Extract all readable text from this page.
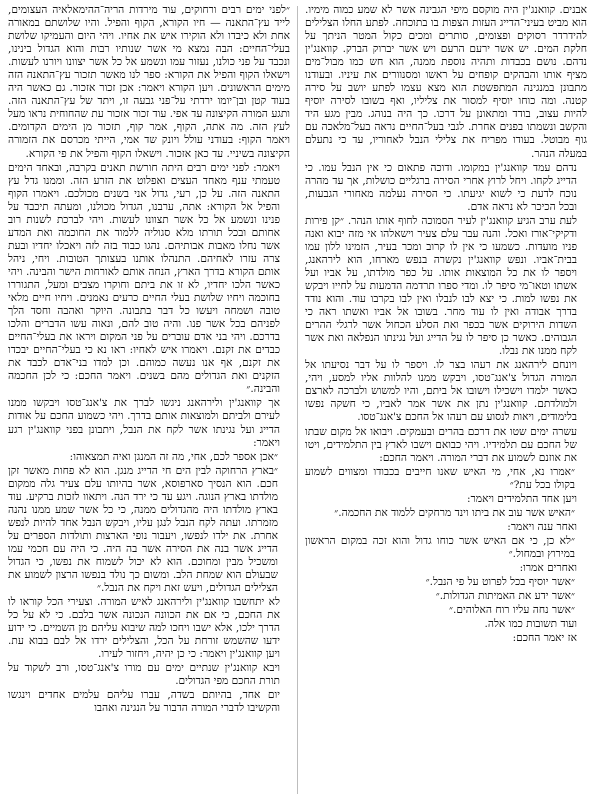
אבנים. קוואנג'ין היה מוקסם מיפי הגבינה אשר לא שמע כמוה מימיו. הוא מביט בעיני־הדייג העזות הצפות בו בתוכחה. לפתע החלו הצלילים להידרדר רסוקים ופצומים, סותרים ומכים כקול המטר הניתך על חלקת המים. יש אשר ירעם הרעם ויש אשר יברוק הברק. קוואנג'ין נדהם. נושם בכבדות ותהיה נוספת ממנה, הוא חש כמו מבול־מים מציף אותו והבהקים קופחים על ראשו ומסנוורים את עיניו. ובעודנו מתבונן במנגינה המתפשטת הוא מצא עצמו לפתע יושב על סירה קטנה. ומה כוחו יוסיף למסור את צליליו, ואף בשובו לסירה יוסיף להיות עצוב, בודד ומתאונן על דרכו. כך היה בנוהג. מבין מגע היד והקשב ונשמתו בפנים אחרת. לגבי בעל־החיים נראה בעל־מלאכה עם גוף מבוטל. בעודו מפריח את צלילי הנבל לאחוריו, עד כי נתעלם במעלה הנהר.

נדהם עמד קוואנג'ין במקומו. ודוכה פתאום כי אין הנבל עמו. כי הדייג לקחו. ויחל לרוץ אחרי הסירה ברגליים כושלות, אך עד מהרה נוכח לדעת כי לשוא יגיעתו. כי הסירה נעלמה מאחורי הגבעות, ובכל הכיכר לא נראה אדם.

לעת ערב הגיע קוואנג'ין לעיר הסמוכה לחוף אותו הנהר. ״קן פירות ודקיקי־אורז ואכל. והנה עבר עלם צעיר וישאלהו אי מזה יבוא ואנה פניו מועדות. כשמעו כי אין לו קרוב ומכר בעיר, הזמינו ללון עמו בבית־אביו. ונפש קוואנג'ין נקשרה בנפש מארחו, הוא לירהאנג, ויספר לו את כל המוצאות אותו. על כפר מולדתו, על אביו ועל אשתו וטאו־מי סיפר לו. ומדי ספרו תרדמה הדמעות על לחייו ויבקש את נפשו למות. כי יצא לבו לנבלו ואין לבו בקרבו עוד. והוא נודד בדרך אבודה ואין לו עוד מחר. בשובו אל אביו ואשתו ראה כי השדות הירוקים אשר בכפר ואת הסלע הכחול אשר לרגלי ההרים הגבוהים. כאשר כן סיפר לו על הדייג ועל נגינתו הנפלאה ואת אשר לקח ממנו את נבלו.

ויונחם לירהאנג את רעהו בצר לו. ויספר לו על דבר נסיעתו אל המורה הגדול צ'אנג־טסו, ויבקש ממנו להלוות אליו למסע, ויהי, כאשר ילמדו וישכילו וישובו אל ביתם, והיו למשוש ולברכה לארצם ולמולדתם. קוואנג'ין נתן את אשר אמר לאביו, כי חשקה נפשו בלימודים, ויאות לנסוע עם רעהו אל החכם צ'אנג־טסו.

עשרה ימים שטו את דרכם בהרים ובעמקים. ויבואו אל מקום שבתו של החכם עם תלמידיו. ויהי כבואם וישבו לארץ בין התלמידים, ויטו את אוזנם לשמוע את דברי המורה. ויאמר החכם:

״אמרו נא, אחי, מי האיש שאנו חייבים בכבודו ומצווים לשמוע בקולו בכל עת?״

ויען אחד התלמידים ויאמר:

״האיש אשר עוב את ביתו וינד מרחקים ללמוד את החכמה.״

ואחר ענה ויאמר:

״לא כן, כי אם האיש אשר כוחו גדול והוא זכה במקום הראשון במירוץ ובמחול.״

ואחרים אמרו:

״אשר יוסיף בכל לפרוט על פי הנבל.״

״אשר ידע את האמיתות הגדולות.״

״אשר נחה עליו רוח האלוהים.״

ועוד תשובות כמו אלה.

אז יאמר החכם:

״לפני ימים רבים ורחוקים, עוד מירדות הריה־ההימאלאיה העצומים, לייד עץ־התאנה — חיו הקורא, הקוף והפיל. והיו שלושתם במאורה אחת ולא כיבדו ולא הוקירו איש את אחיו. ויהי היום והעמיקו שלושת בעלי־החיים: הבה נמצא מי אשר שנותיו רבות והוא הגדול בינינו, ונכבד על פני כולנו, נעזור עמו ונשמע אל כל אשר יצוונו ויורנו לעשות. וישאלו הקוף והפיל את הקורא: ספר לנו מאשר תזכור עץ־התאנה הזה מימים הראשונים. ויען הקורא ויאמר: אכן זכור אזכור. גם כאשר היה בעוד קטן ובן־יומו ירדתי על־פני גבעה זו, ויתד של עץ־התאנה הזה. ותגע המורה הקיצונה עד אפי. עוד זכור אזכור עת שהחוחית נראו מעל לעץ הזה. מה אתה, הקוף, אמר קוף, תזכור מן הימים הקדומים. ויאמר הקוף: בעודני עולל ויונק שד אמי, הייתי מכרסם את הזמורה הקיצונה בשיניי. עד כאן אזכור. וישאלו הקוף והפיל את פי הקורא.

ויאמר: לפני ימים רבים היתה חורשת תאנים בקרבה, ובאחד הימים טעמתי ענף מאחד העצים ואפלוט את הזרע הזה. וממנו גדל עץ התאנה הזה. על כן, רעי, גדול אני בשנים מכולכם. ויאמרו הקוף והפיל אל הקורא: אתה, ערבנו, הגדול מכולנו, ומעתה תיכבד על פנינו ונשמע אל כל אשר תצוונו לעשות. ויהי לברכת לשנות רוב אחותם ובכל תורתו מלא סגוליה ללמוד את החוכמה ואת המדע אשר נחלו מאבות אבותיהם. נהגו כבוד בזה לזה ויאכלו יחדיו ובעת צרה עזרו לאחיהם. התנהלו אותנו בעצותך הטובות. ויחי, ניהל אותם הקורא בדרך הארץ, הנחה אותם לאורחות הישר והבינה. ויהי כאשר הלכו יחדיו, לא זו את ביתם וחוקרו מצבים ומעל, התגוררו בחוכמה ויחיו שלושת בעלי החיים כרעים נאמנים. ויחיו חיים מלאי טובה ושמחה ויעשו כל דבר בתבונה. היוקר ואהבה וחסד הלך לפניהם בכל אשר פנו. והיה טוב להם, ונאוה עשו הדברים והלכו בדרכם. ויהי בני אדם עוברים על פני המקום ויראו את בעלי־החיים כבדים את זקנם. ויאמרו איש לאחיו: ראו נא כי בעלי־החיים יבכדו את זקנם, אף אנו נעשה כמוהם. וכן למדו בני־אדם לכבד את הזקנים ואת הגדולים מהם בשנים. ויאמר החכם: כי לכן החכמה והבינה.״

אך קוואנג'ין ולירהאנג ניגשו לברך את צ'אנג־טסו ויבקשו ממנו לעירם ולביתם ולמוצאות אותם בדרך. ויהי כשמוע החכם על אודות הדייג ועל נגינתו אשר לקח את הנבל, ויתבונן בפני קוואנג'ין רגע ויאמר:

״אכן אספר לכם, אחי, מה זה המנגן ואיה תמצאוהו:

״בארץ הרחוקה לבין הים חי הדייג מנגן. הוא לא פחות מאשר זקן חכם. הוא הנסיך סארפוסא, אשר בהיותו עלם צעיר גלה ממקום מולדתו בארץ הנוגה. ויגע עד כי ירד הנה. ויתאוו לזכות ברקיע. עוד בארץ מולדתו היה מהגדולים ממנה, כי כל אשר שמע ממנו נהנה מזמרתו. ועתה לקח הנבל לנגן עליו, ויבקש הנבל אחד להיות לנפש אחרת. את ילדו לנפשו, ויעבור נופי הארצות ותולדות הספרים על הדייג אשר בנה את הסירה אשר בה היה. כי היה עם חכמי עמו ומשכיל מבין ומחוכם. הוא לא יכול לשמוח את נפשו, כי הגדול שבעולם הוא שמחת הלב. ומשום כך נולד בנפשו הרצון לשמוע את הצלילים הגדולים, ויעש זאת ויקח את הנבל.״

לא יתחשבו קוואנג'ין ולירהאנג לאיש המורה. וצעירי הכל קוראו לו את החכם, כי אם את הכוונה הנכונה אשר בלבם. כי לא על כל הדרך ילכו, אלא ישבו ויחכו למה שיבוא עליהם מן השמיים. כי ידוע ידעו שהשמש זורחת על הכל, והצלילים ירדו אל לבם בבוא עת. ויען קוואנג'ין ויאמר: כי כן יהיה, ויחזור לעירו.

ויבא קוואנג'ין שנתיים ימים עם מורו צ'אנג־טסו, ורב לשקוד על תורת החכם מפי הגדולים.

יום אחד, בהיותם בשדה, עברו עליהם עלמים אחדים וינגשו והקשיבו לדברי המורה הדבור על הנגינה ואהבו
